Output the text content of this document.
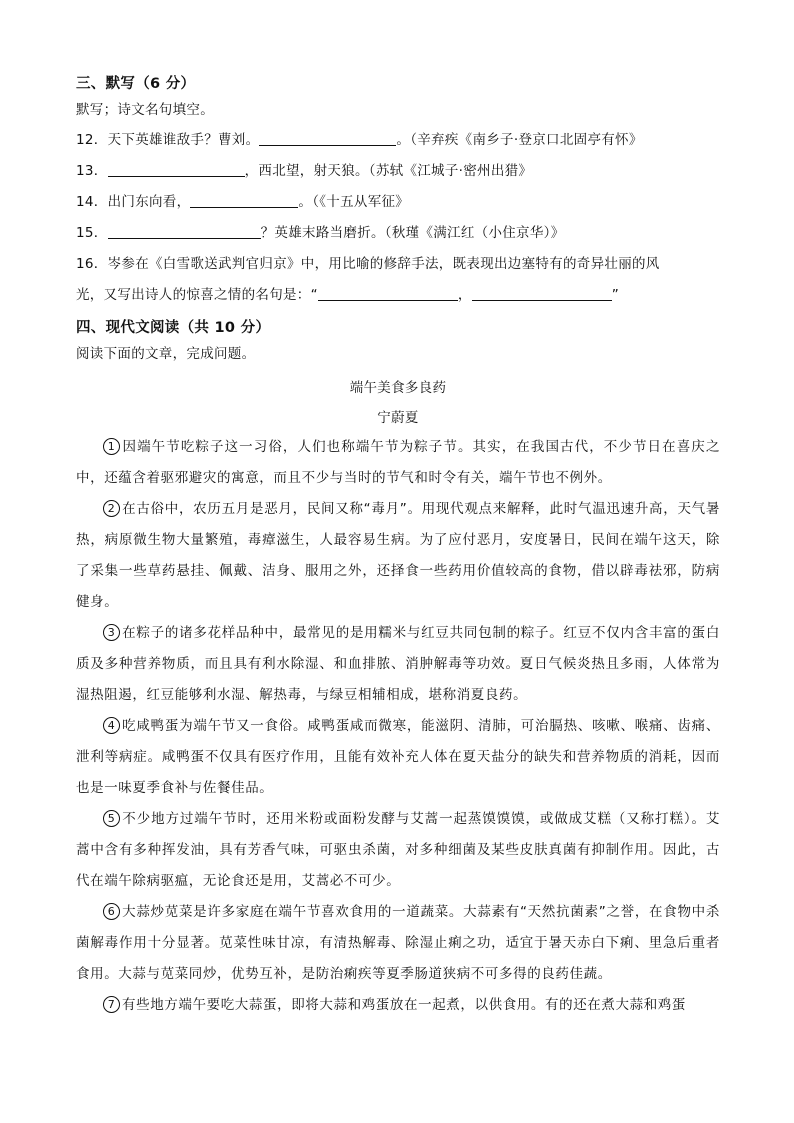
三、默写（6 分）

默写；诗文名句填空。

12．天下英雄谁敌手？曹刘。	。（辛弃疾《南乡子·登京口北固亭有怀》
13．	，西北望，射天狼。（苏轼《江城子·密州出猎》
14．出门东向看，	。（《十五从军征》
15．	？英雄末路当磨折。（秋瑾《满江红（小住京华）》
16．岑参在《白雪歌送武判官归京》中，用比喻的修辞手法，既表现出边塞特有的奇异壮丽的风
光，又写出诗人的惊喜之情的名句是：“	，	”

四、现代文阅读（共 10 分）

阅读下面的文章，完成问题。

端午美食多良药
宁蔚夏

1 因端午节吃粽子这一习俗，人们也称端午节为粽子节。其实，在我国古代，不少节日在喜庆之中，还蕴含着驱邪避灾的寓意，而且不少与当时的节气和时令有关，端午节也不例外。

2 在古俗中，农历五月是恶月，民间又称“毒月”。用现代观点来解释，此时气温迅速升高，天气暑热，病原微生物大量繁殖，毒瘴滋生，人最容易生病。为了应付恶月，安度暑日，民间在端午这天，除了采集一些草药悬挂、佩戴、洁身、服用之外，还择食一些药用价值较高的食物，借以辟毒祛邪，防病健身。

3 在粽子的诸多花样品种中，最常见的是用糯米与红豆共同包制的粽子。红豆不仅内含丰富的蛋白质及多种营养物质，而且具有利水除湿、和血排脓、消肿解毒等功效。夏日气候炎热且多雨，人体常为湿热阻遏，红豆能够利水湿、解热毒，与绿豆相辅相成，堪称消夏良药。

4 吃咸鸭蛋为端午节又一食俗。咸鸭蛋咸而微寒，能滋阴、清肺，可治膈热、咳嗽、喉痛、齿痛、泄利等病症。咸鸭蛋不仅具有医疗作用，且能有效补充人体在夏天盐分的缺失和营养物质的消耗，因而也是一味夏季食补与佐餐佳品。

5 不少地方过端午节时，还用米粉或面粉发酵与艾蒿一起蒸馍馍馍，或做成艾糕（又称打糕）。艾蒿中含有多种挥发油，具有芳香气味，可驱虫杀菌，对多种细菌及某些皮肤真菌有抑制作用。因此，古代在端午除病驱瘟，无论食还是用，艾蒿必不可少。

6 大蒜炒苋菜是许多家庭在端午节喜欢食用的一道蔬菜。大蒜素有“天然抗菌素”之誉，在食物中杀菌解毒作用十分显著。苋菜性味甘凉，有清热解毒、除湿止痢之功，适宜于暑天赤白下痢、里急后重者食用。大蒜与苋菜同炒，优势互补，是防治痢疾等夏季肠道狭病不可多得的良药佳蔬。

7 有些地方端午要吃大蒜蛋，即将大蒜和鸡蛋放在一起煮，以供食用。有的还在煮大蒜和鸡蛋
